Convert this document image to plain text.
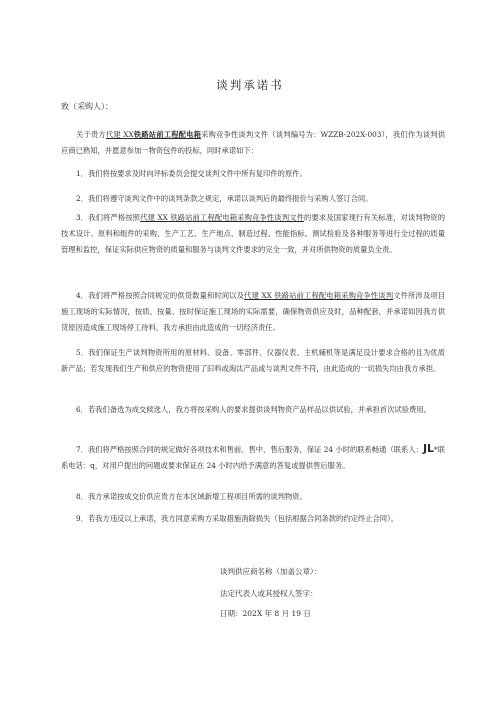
谈判承诺书
致（采购人）：

关于贵方代建 XX铁路站前工程配电箱采购竞争性谈判文件（谈判编号为：WZZB-202X-003），我们作为谈判供应商已熟知，并愿意参加一物资包件的投标，同时承诺如下：

1．我们将按要求及时向评标委员会提交谈判文件中所有复印件的原件。

2．我们将遵守谈判文件中的谈判条款之规定，承诺以谈判后的最终报价与采购人签订合同。

3．我们将严格按照代建 XX 铁路站前工程配电箱采购竞争性谈判文件的要求及国家现行有关标准，对谈判物资的技术设计、原料和组件的采购、生产工艺、生产地点、制造过程、性能指标、测试检验及各种服务等进行全过程的质量管理和监控，保证实际供应物资的质量和服务与谈判文件要求的完全一致，并对所供物资的质量负全责。

4．我们将严格按照合同规定的供货数量和时间以及代建 XX 铁路站前工程配电箱采购竞争性谈判文件所涉及项目施工现场的实际情况，按质、按量、按时保证施工现场的实际需要，确保物资供应及时，品种配套，并承诺如因我方供货原因造成施工现场停工待料，我方承担由此造成的一切经济责任。

5．我们保证生产谈判物资所用的原材料、设备、零部件、仪器仪表、主机辅机等是满足设计要求合格的且为优质新产品；若发现我们生产和供应的物资使用了旧料或淘汰产品或与谈判文件不符，由此造成的一切损失均由我方承担。

6．若我们备选为成交候选人，我方将按采购人的要求提供谈判物资产品样品以供试验，并承担首次试验费用。

7．我们将严格按照合同的规定做好各项技术和售前、售中、售后服务，保证 24 小时的联系畅通（联系人：JL*联系电话：q，对用户提出的问题或要求保证在 24 小时内给予满意的答复或提供售后服务。

8．我方承诺按成交价供应贵方在本区域新增工程项目所需的谈判物资。

9．若我方违反以上承诺，我方同意采购方采取措施消除损失（包括根据合同条款的约定终止合同）。

谈判供应商名称（加盖公章）：
法定代表人或其授权人签字：
日期：202X 年 8 月 19 日
